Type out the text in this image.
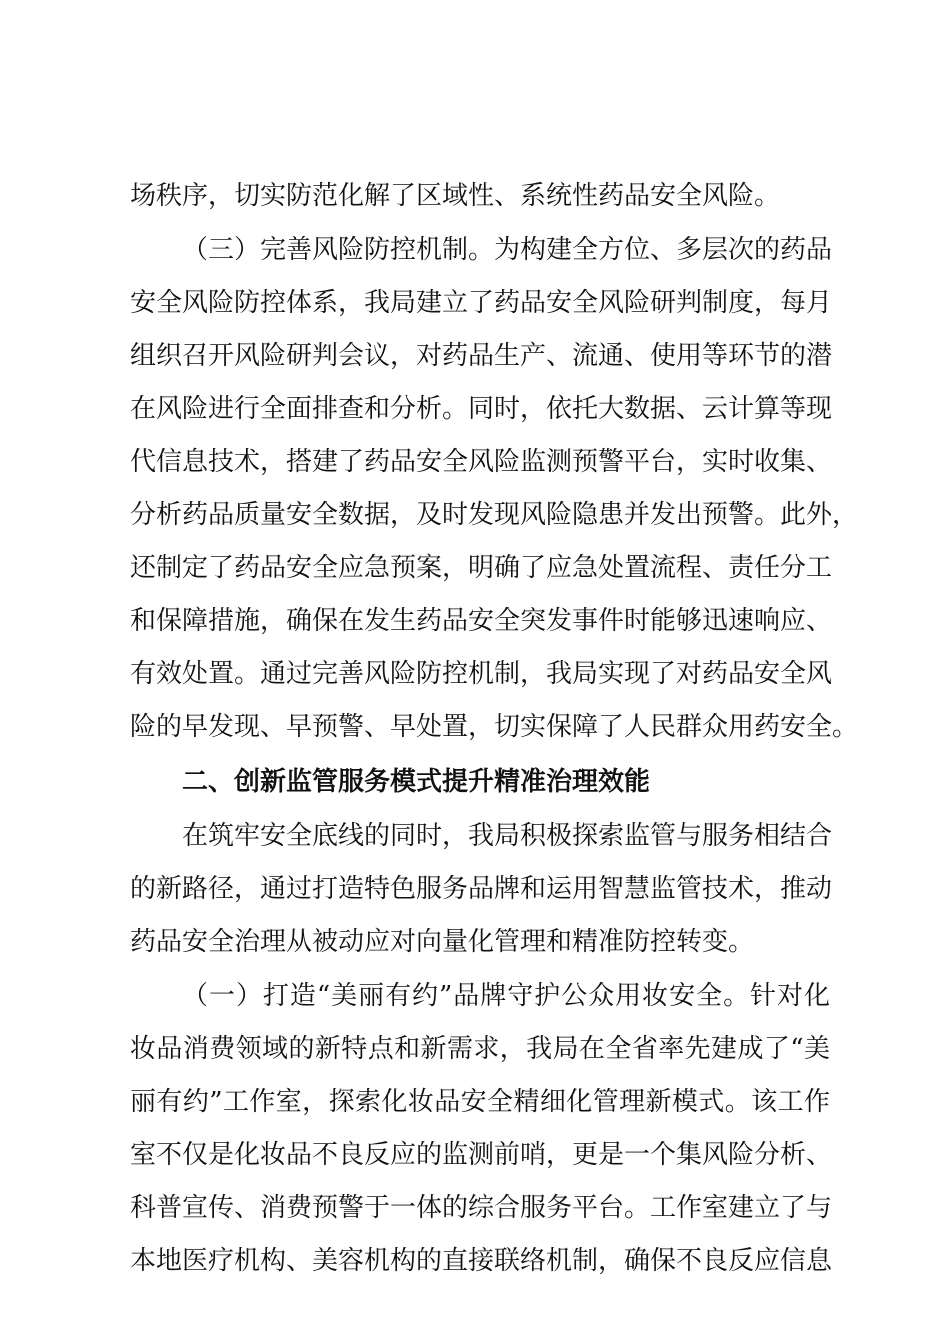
场秩序，切实防范化解了区域性、系统性药品安全风险。
（三）完善风险防控机制。为构建全方位、多层次的药品
安全风险防控体系，我局建立了药品安全风险研判制度，每月
组织召开风险研判会议，对药品生产、流通、使用等环节的潜
在风险进行全面排查和分析。同时，依托大数据、云计算等现
代信息技术，搭建了药品安全风险监测预警平台，实时收集、
分析药品质量安全数据，及时发现风险隐患并发出预警。此外，
还制定了药品安全应急预案，明确了应急处置流程、责任分工
和保障措施，确保在发生药品安全突发事件时能够迅速响应、
有效处置。通过完善风险防控机制，我局实现了对药品安全风
险的早发现、早预警、早处置，切实保障了人民群众用药安全。
二、创新监管服务模式提升精准治理效能
在筑牢安全底线的同时，我局积极探索监管与服务相结合
的新路径，通过打造特色服务品牌和运用智慧监管技术，推动
药品安全治理从被动应对向量化管理和精准防控转变。
（一）打造“美丽有约”品牌守护公众用妆安全。针对化
妆品消费领域的新特点和新需求，我局在全省率先建成了“美
丽有约”工作室，探索化妆品安全精细化管理新模式。该工作
室不仅是化妆品不良反应的监测前哨，更是一个集风险分析、
科普宣传、消费预警于一体的综合服务平台。工作室建立了与
本地医疗机构、美容机构的直接联络机制，确保不良反应信息
